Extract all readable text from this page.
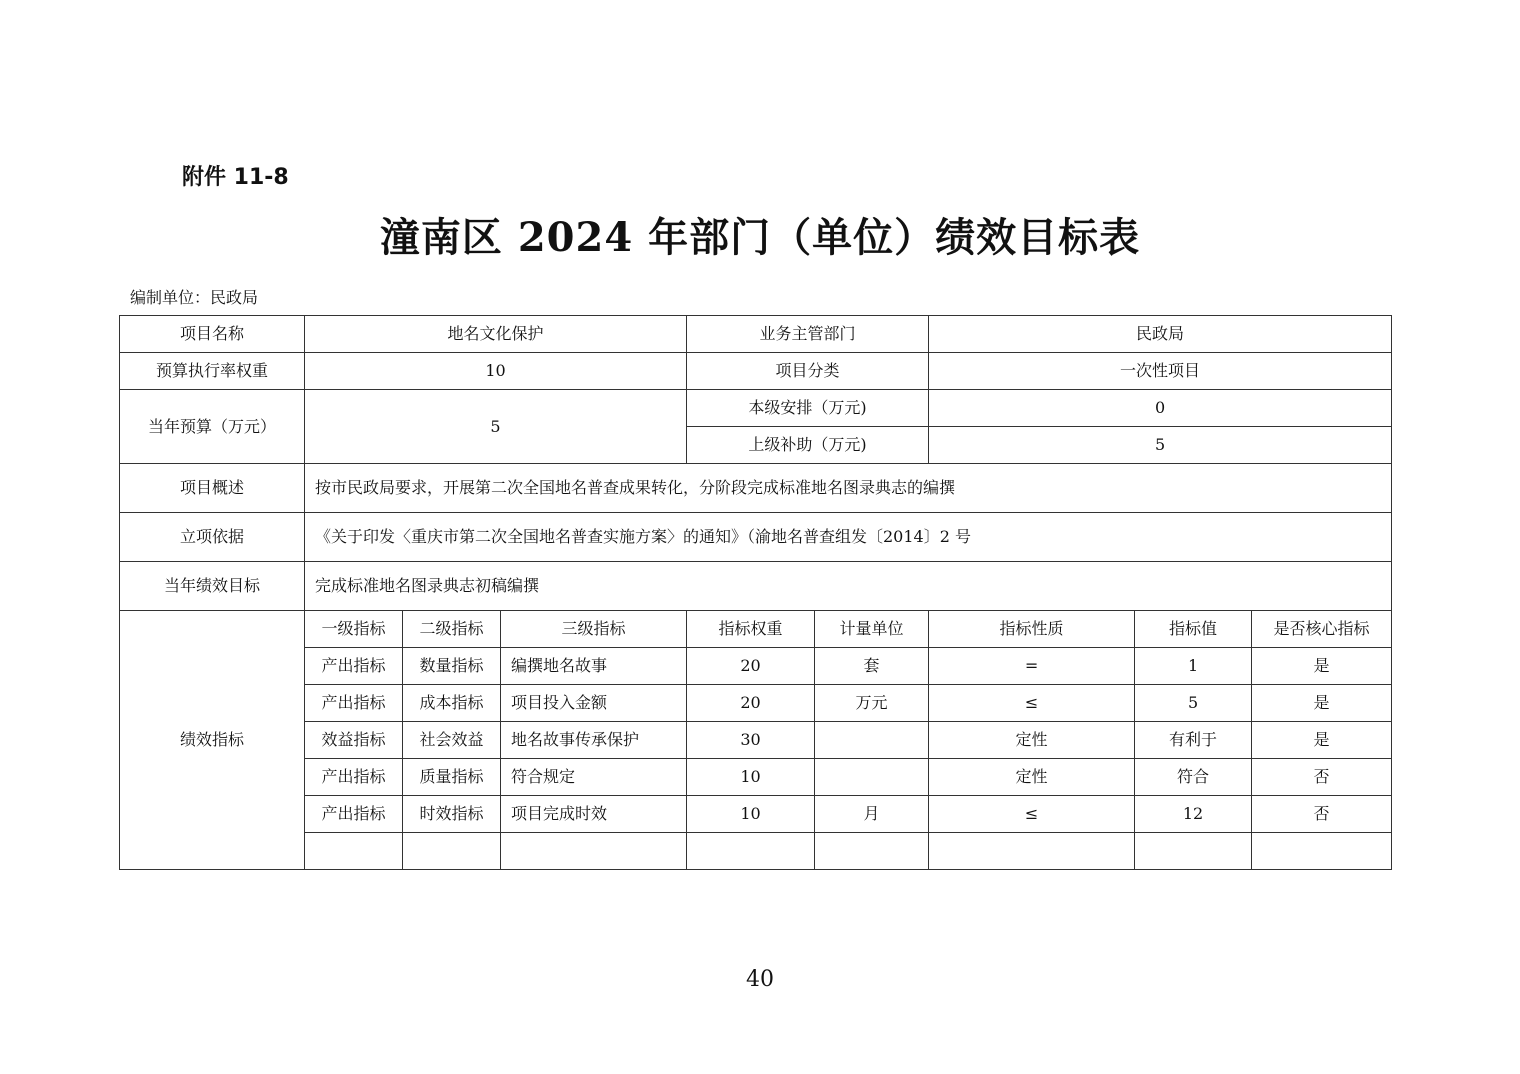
附件 11-8
潼南区 2024 年部门（单位）绩效目标表
编制单位：民政局
项目名称	地名文化保护			业务主管部门		民政局		
预算执行率权重	10			项目分类		一次性项目		
当年预算（万元）	5			本级安排（万元)		0		
				上级补助（万元)		5		
项目概述	按市民政局要求，开展第二次全国地名普查成果转化，分阶段完成标准地名图录典志的编撰							
立项依据	《关于印发〈重庆市第二次全国地名普查实施方案〉的通知》（渝地名普查组发〔2014〕2 号							
当年绩效目标	完成标准地名图录典志初稿编撰							
绩效指标	一级指标	二级指标	三级指标	指标权重	计量单位	指标性质	指标值	是否核心指标
	产出指标	数量指标	编撰地名故事	20	套	=	1	是
	产出指标	成本指标	项目投入金额	20	万元	≤	5	是
	效益指标	社会效益	地名故事传承保护	30		定性	有利于	是
	产出指标	质量指标	符合规定	10		定性	符合	否
	产出指标	时效指标	项目完成时效	10	月	≤	12	否

40
